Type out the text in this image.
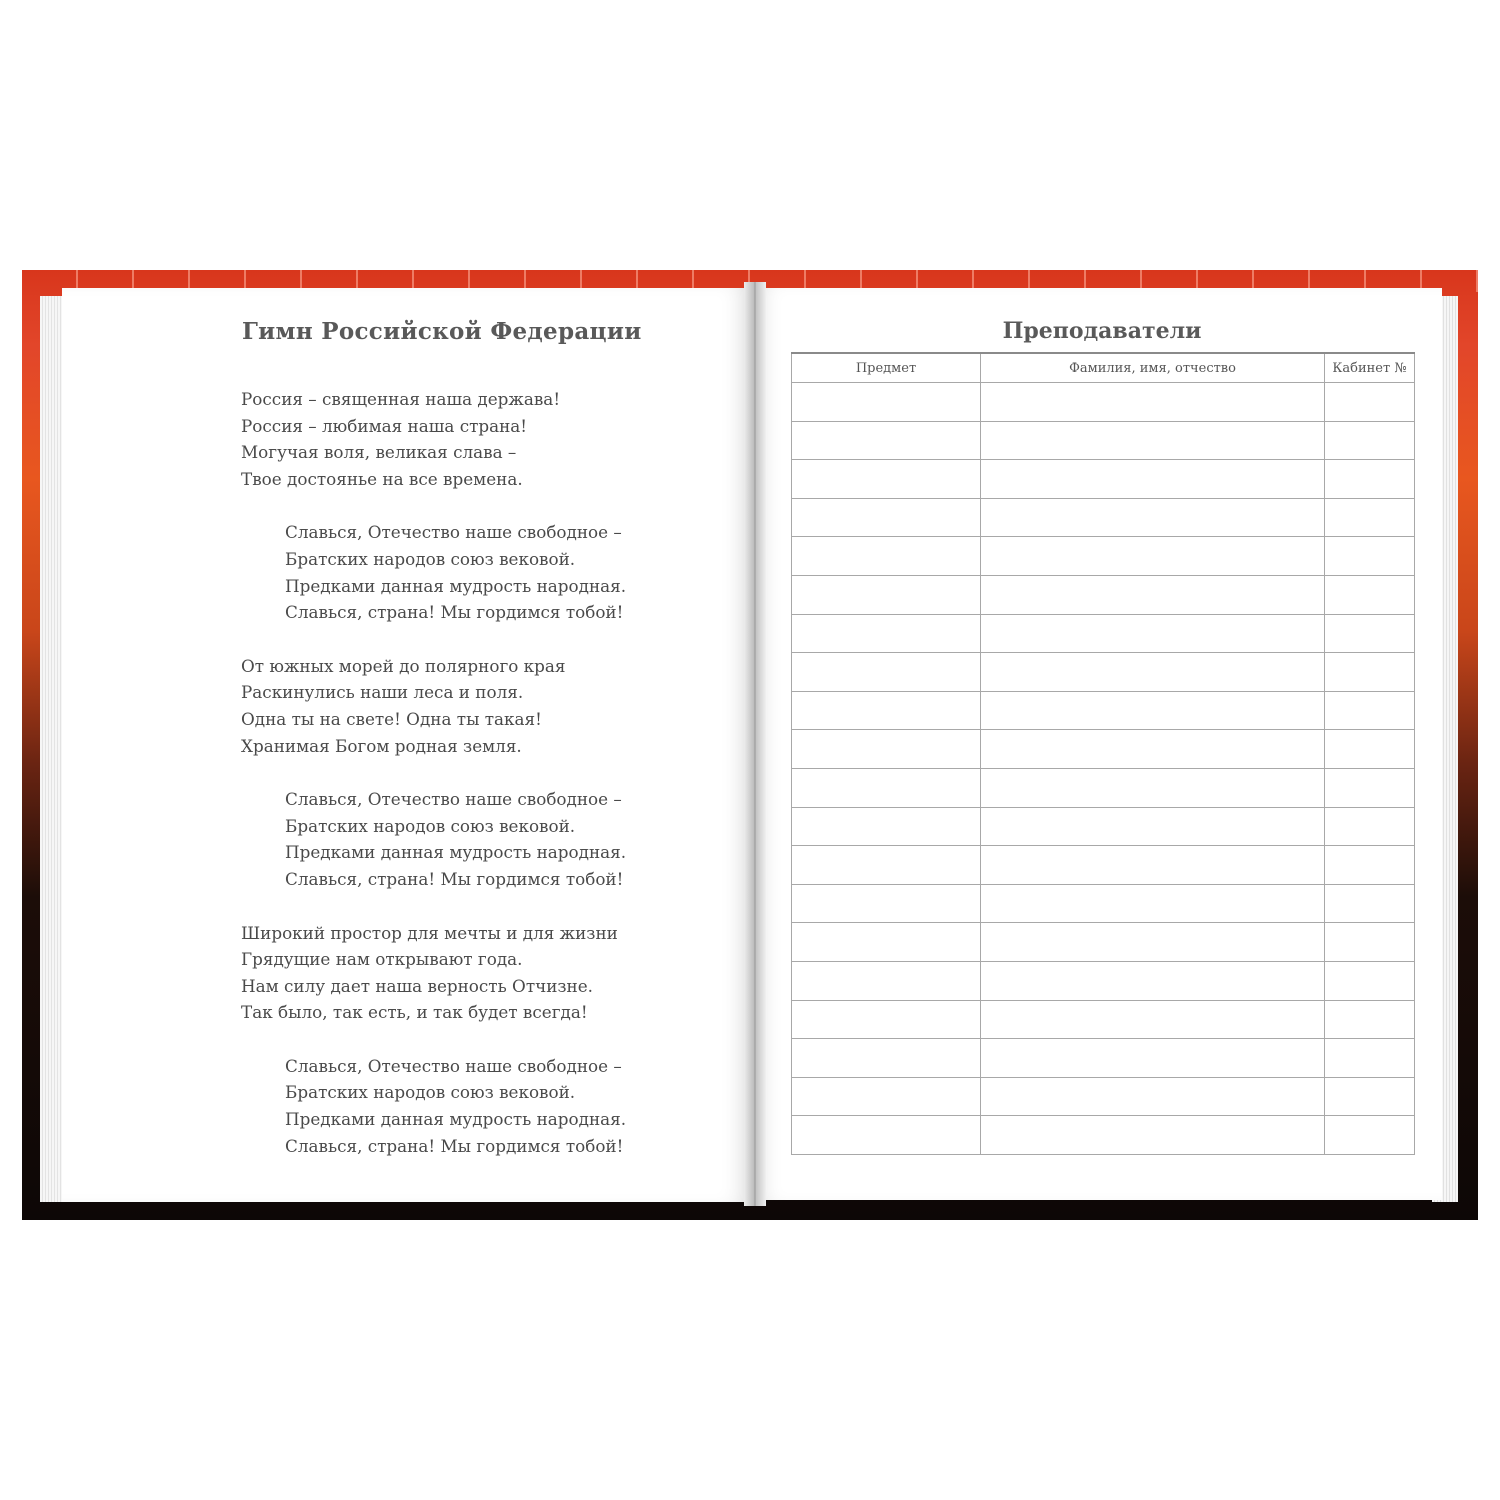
Гимн Российской Федерации
Россия – священная наша держава!
Россия – любимая наша страна!
Могучая воля, великая слава –
Твое достоянье на все времена.
Славься, Отечество наше свободное –
Братских народов союз вековой.
Предками данная мудрость народная.
Славься, страна! Мы гордимся тобой!
От южных морей до полярного края
Раскинулись наши леса и поля.
Одна ты на свете! Одна ты такая!
Хранимая Богом родная земля.
Славься, Отечество наше свободное –
Братских народов союз вековой.
Предками данная мудрость народная.
Славься, страна! Мы гордимся тобой!
Широкий простор для мечты и для жизни
Грядущие нам открывают года.
Нам силу дает наша верность Отчизне.
Так было, так есть, и так будет всегда!
Славься, Отечество наше свободное –
Братских народов союз вековой.
Предками данная мудрость народная.
Славься, страна! Мы гордимся тобой!
Преподаватели
Предмет	Фамилия, имя, отчество	Кабинет №
